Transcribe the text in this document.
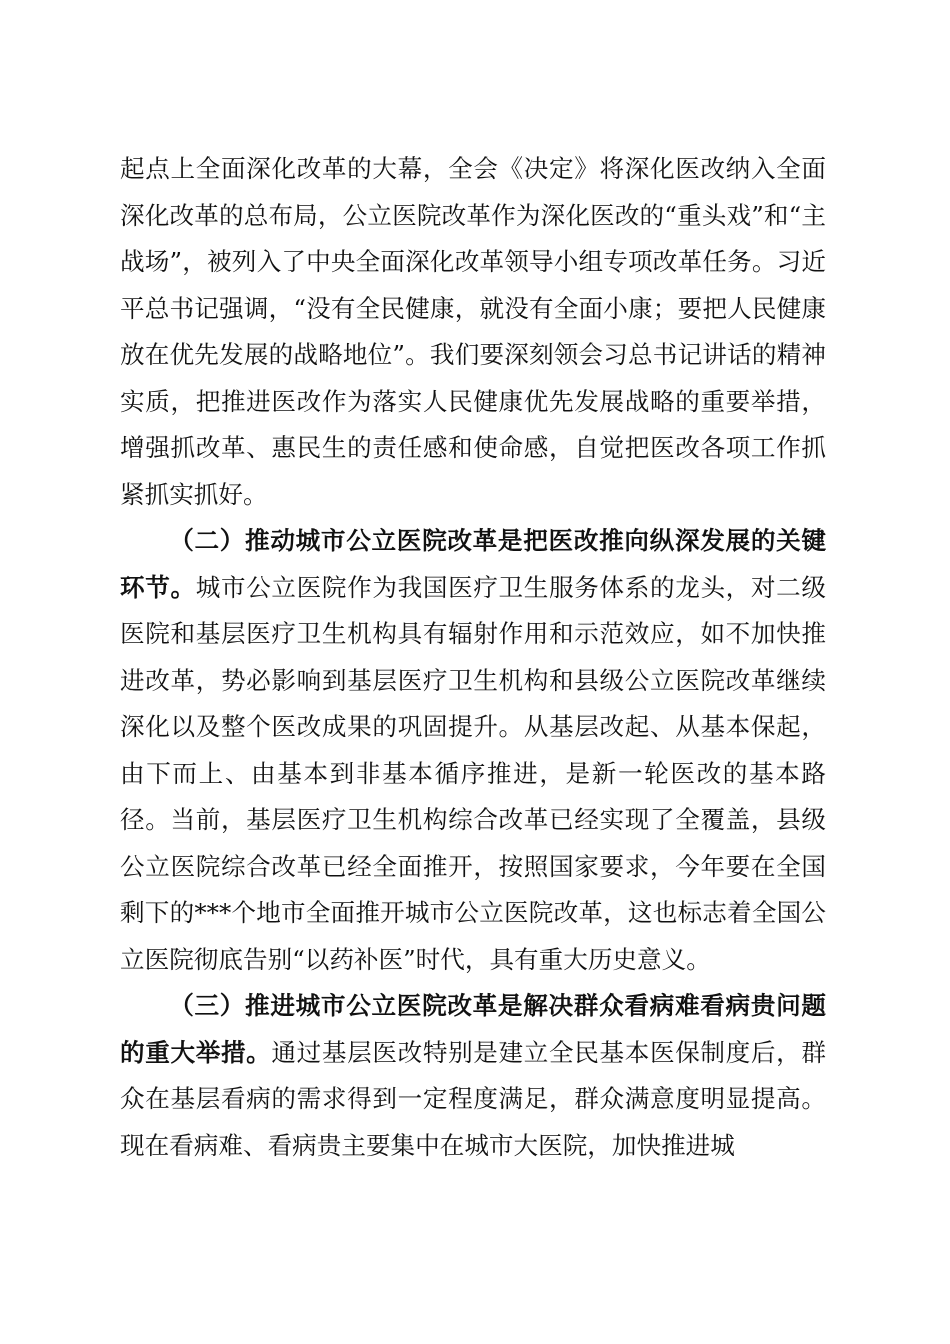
起点上全面深化改革的大幕，全会《决定》将深化医改纳入全面深化改革的总布局，公立医院改革作为深化医改的“重头戏”和“主战场”，被列入了中央全面深化改革领导小组专项改革任务。习近平总书记强调，“没有全民健康，就没有全面小康；要把人民健康放在优先发展的战略地位”。我们要深刻领会习总书记讲话的精神实质，把推进医改作为落实人民健康优先发展战略的重要举措，增强抓改革、惠民生的责任感和使命感，自觉把医改各项工作抓紧抓实抓好。

（二）推动城市公立医院改革是把医改推向纵深发展的关键环节。城市公立医院作为我国医疗卫生服务体系的龙头，对二级医院和基层医疗卫生机构具有辐射作用和示范效应，如不加快推进改革，势必影响到基层医疗卫生机构和县级公立医院改革继续深化以及整个医改成果的巩固提升。从基层改起、从基本保起，由下而上、由基本到非基本循序推进，是新一轮医改的基本路径。当前，基层医疗卫生机构综合改革已经实现了全覆盖，县级公立医院综合改革已经全面推开，按照国家要求，今年要在全国剩下的***个地市全面推开城市公立医院改革，这也标志着全国公立医院彻底告别“以药补医”时代，具有重大历史意义。

（三）推进城市公立医院改革是解决群众看病难看病贵问题的重大举措。通过基层医改特别是建立全民基本医保制度后，群众在基层看病的需求得到一定程度满足，群众满意度明显提高。现在看病难、看病贵主要集中在城市大医院，加快推进城
